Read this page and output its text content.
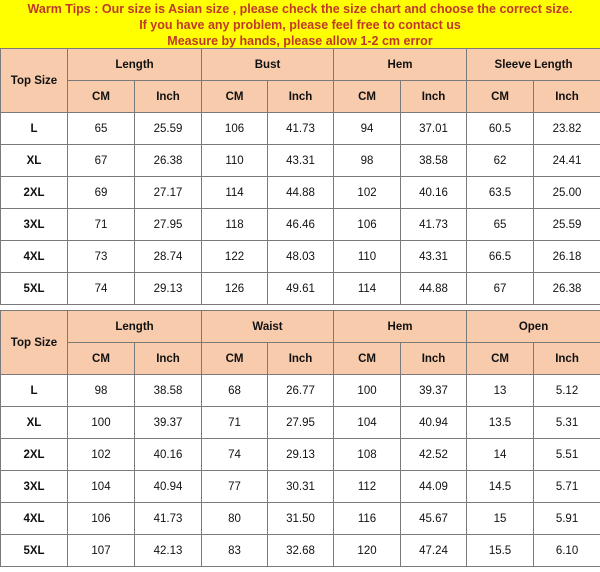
Warm Tips : Our size is Asian size , please check the size chart and choose the correct size.
If you have any problem, please feel free to contact us
Measure by hands, please allow 1-2 cm error
Top Size	Length		Bust		Hem		Sleeve Length	
	CM	Inch	CM	Inch	CM	Inch	CM	Inch
L	65	25.59	106	41.73	94	37.01	60.5	23.82
XL	67	26.38	110	43.31	98	38.58	62	24.41
2XL	69	27.17	114	44.88	102	40.16	63.5	25.00
3XL	71	27.95	118	46.46	106	41.73	65	25.59
4XL	73	28.74	122	48.03	110	43.31	66.5	26.18
5XL	74	29.13	126	49.61	114	44.88	67	26.38
Top Size	Length		Waist		Hem		Open	
	CM	Inch	CM	Inch	CM	Inch	CM	Inch
L	98	38.58	68	26.77	100	39.37	13	5.12
XL	100	39.37	71	27.95	104	40.94	13.5	5.31
2XL	102	40.16	74	29.13	108	42.52	14	5.51
3XL	104	40.94	77	30.31	112	44.09	14.5	5.71
4XL	106	41.73	80	31.50	116	45.67	15	5.91
5XL	107	42.13	83	32.68	120	47.24	15.5	6.10
